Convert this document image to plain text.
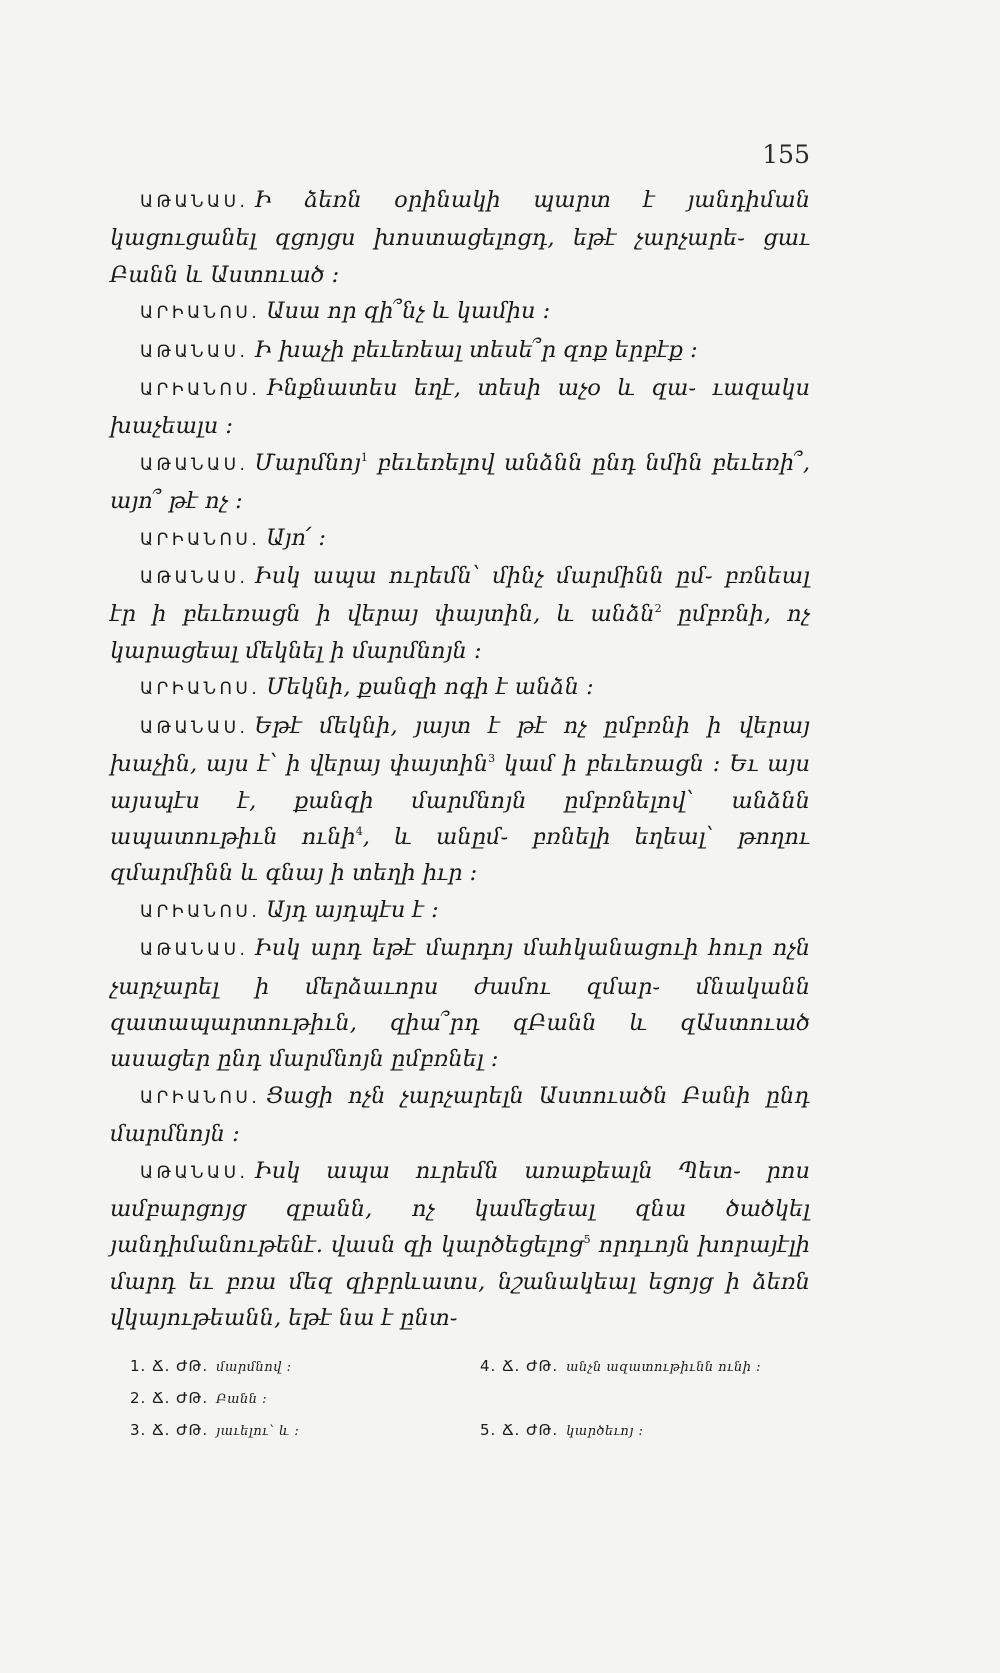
155

ԱԹԱՆԱՍ. Ի ձեռն օրինակի պարտ է յանդիման կացուցանել զցոյցս խոստացելոցդ, եթէ չարչարե֊ ցաւ Բանն և Աստուած ։

ԱՐԻԱՆՈՍ. Ասա որ զի՞նչ և կամիս ։

ԱԹԱՆԱՍ. Ի խաչի բեւեռեալ տեսե՞ր զոք երբէք ։

ԱՐԻԱՆՈՍ. Ինքնատես եղէ, տեսի աչօ և զա֊ ւազակս խաչեալս ։

ԱԹԱՆԱՍ. Մարմնոյ$^1$ բեւեռելով անձնն ընդ նմին բեւեռի՞, այո՞ թէ ոչ ։

ԱՐԻԱՆՈՍ. Այո՛ ։

ԱԹԱՆԱՍ. Իսկ ապա ուրեմն՝ մինչ մարմինն ըմ֊ բռնեալ էր ի բեւեռացն ի վերայ փայտին, և անձն$^2$ ըմբռնի, ոչ կարացեալ մեկնել ի մարմնոյն ։

ԱՐԻԱՆՈՍ. Մեկնի, քանզի ոգի է անձն ։

ԱԹԱՆԱՍ. Եթէ մեկնի, յայտ է թէ ոչ ըմբռնի ի վերայ խաչին, այս է՝ ի վերայ փայտին$^3$ կամ ի բեւեռացն ։ Եւ այս այսպէս է, քանզի մարմնոյն ըմբռնելով՝ անձնն ապատութիւն ունի$^4$, և անըմ֊ բռնելի եղեալ՝ թողու զմարմինն և գնայ ի տեղի իւր ։

ԱՐԻԱՆՈՍ. Այդ այդպէս է ։

ԱԹԱՆԱՍ. Իսկ արդ եթէ մարդոյ մահկանացուի հուր ոչն չարչարել ի մերձաւորս ժամու զմար֊ մնականն զատապարտութիւն, զիա՞րդ զԲանն և զԱստուած ասացեր ընդ մարմնոյն ըմբռնել ։

ԱՐԻԱՆՈՍ. Ցացի ոչն չարչարելն Աստուածն Բանի ընդ մարմնոյն ։

ԱԹԱՆԱՍ. Իսկ ապա ուրեմն առաքեալն Պետ֊ րոս ամբարցոյց զբանն, ոչ կամեցեալ զնա ծածկել յանդիմանութենէ. վասն զի կարծեցելոց$^5$ որդւոյն խորայէլի մարդ եւ բռա մեզ զիբրևատս, նշանակեալ եցոյց ի ձեռն վկայութեանն, եթէ նա է ընտ֊

1. Ճ. ԺԹ. մարմնով ։	4. Ճ. ԺԹ. անչն ազատութիւնն ունի ։
2. Ճ. ԺԹ. Բանն ։
3. Ճ. ԺԹ. յաւելու՝ և ։	5. Ճ. ԺԹ. կարծեւոյ ։
